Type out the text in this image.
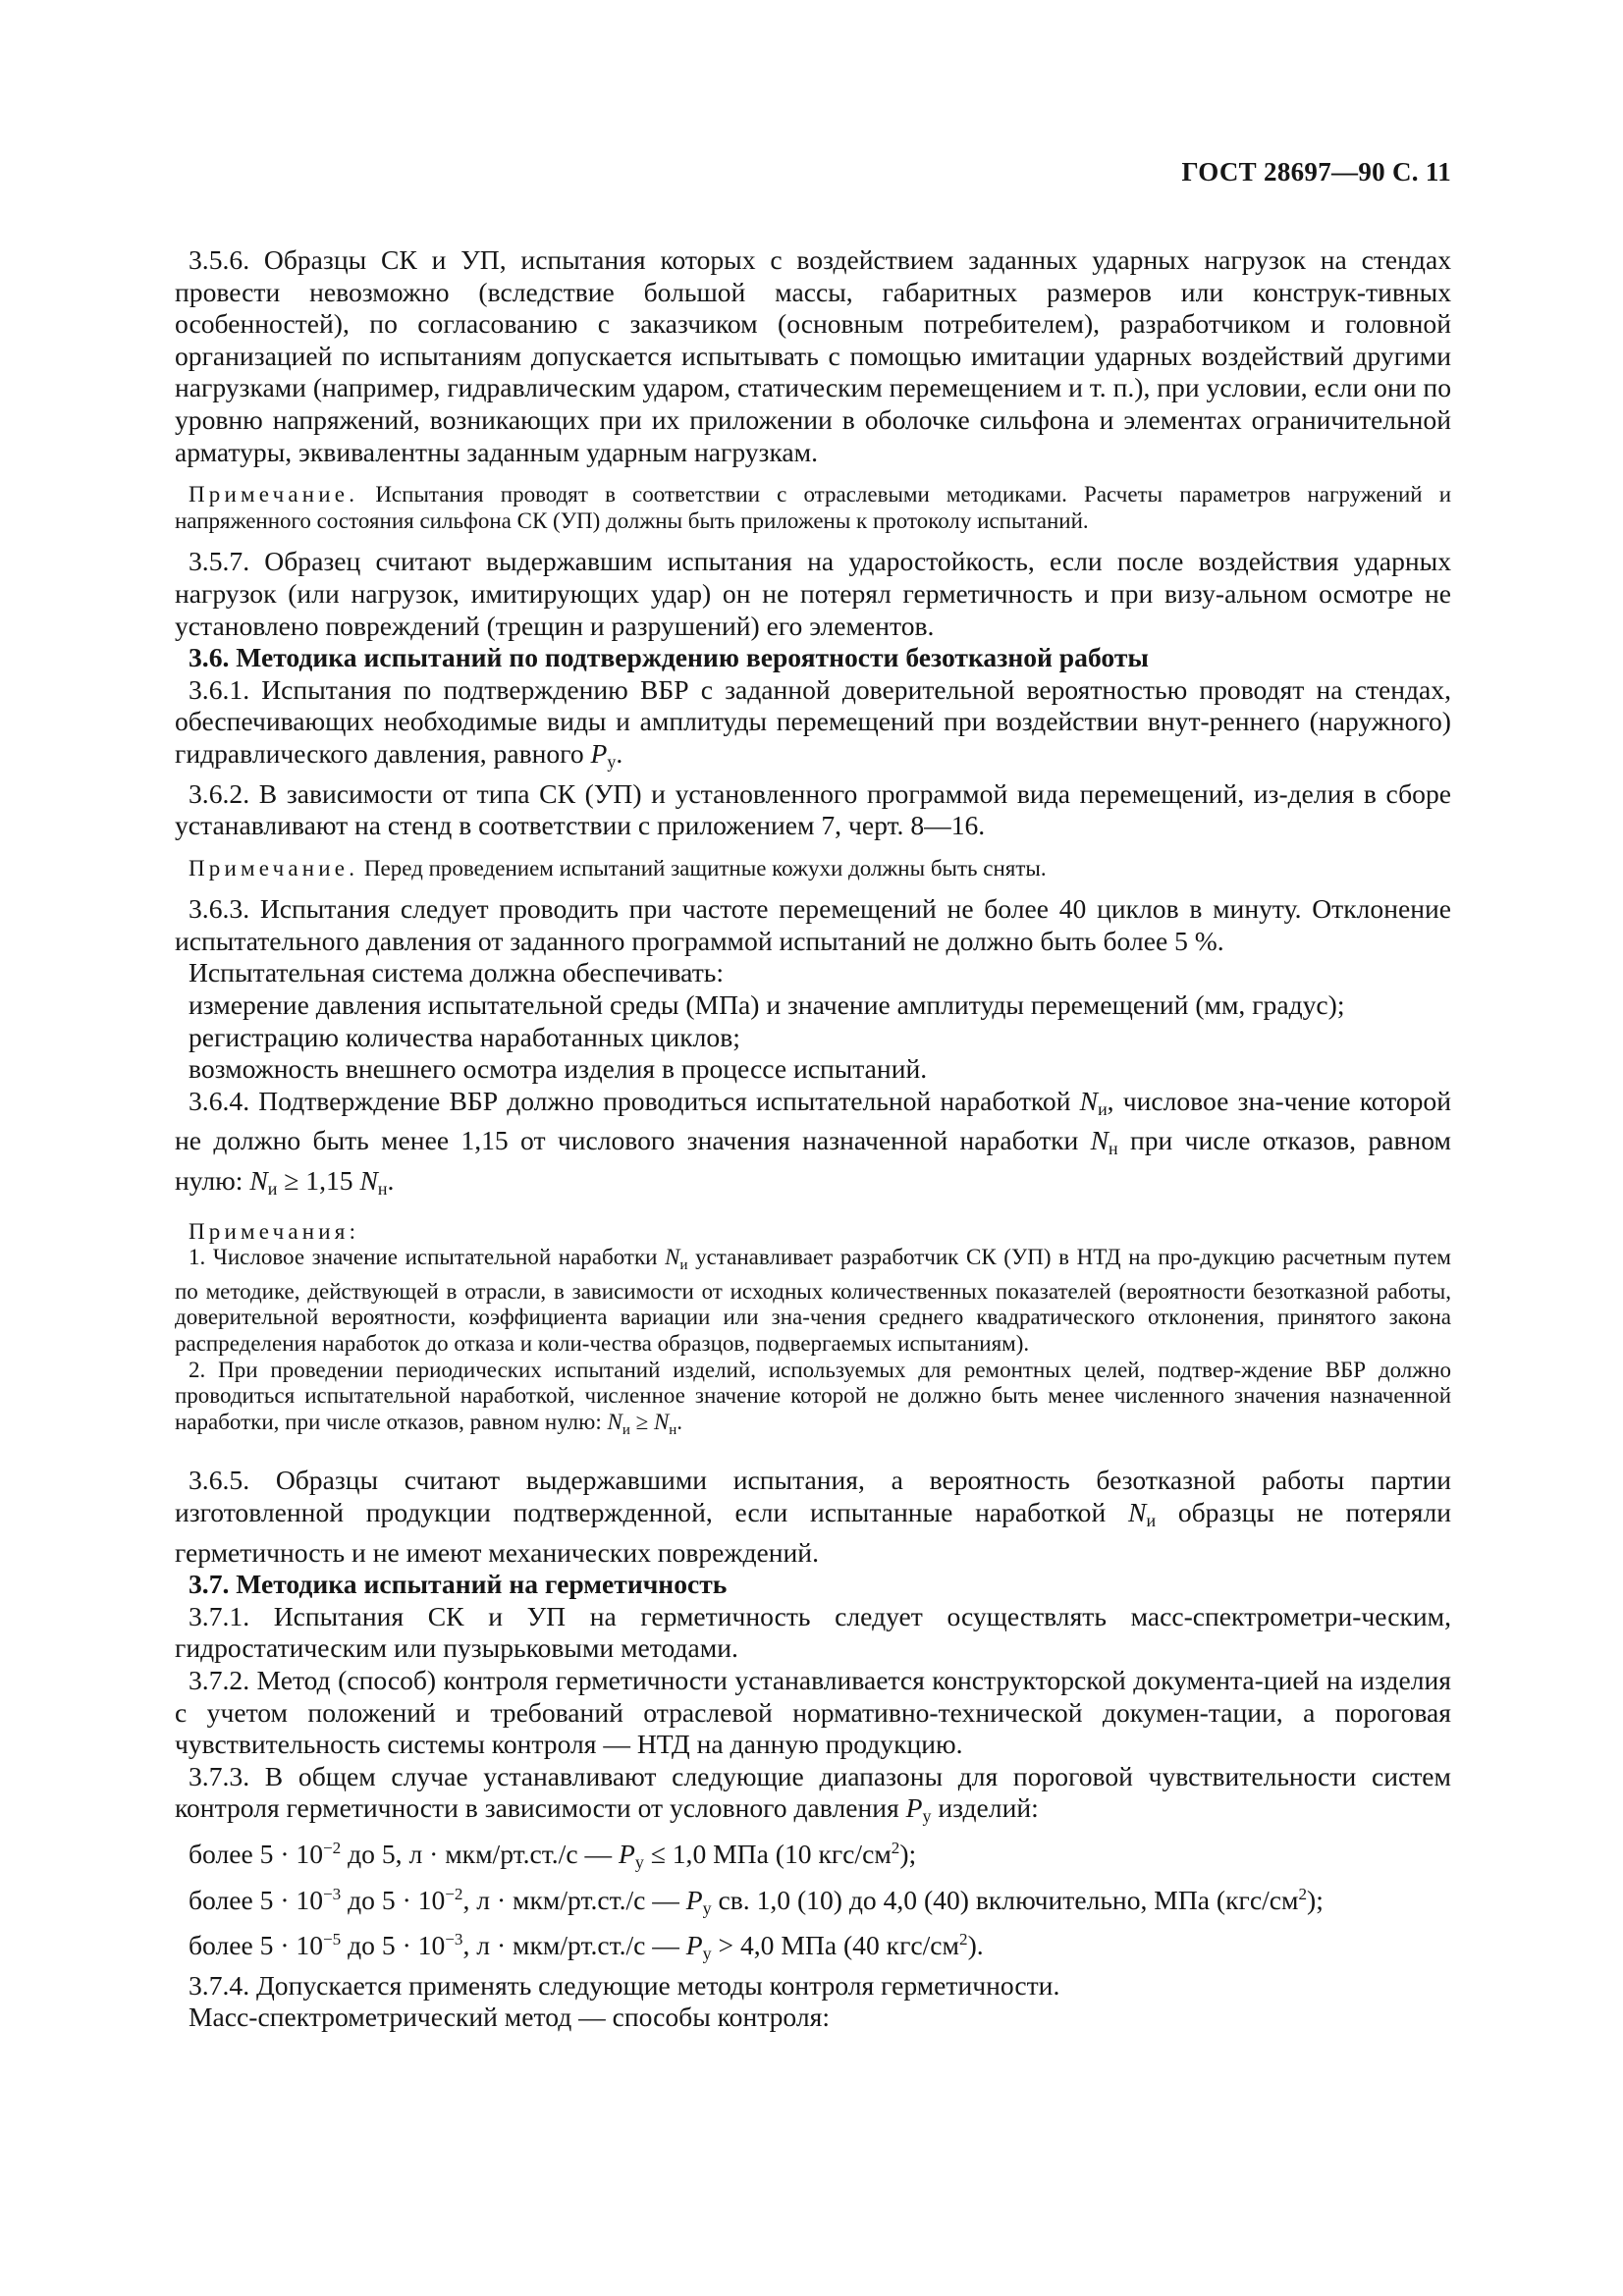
ГОСТ 28697—90 С. 11

3.5.6. Образцы СК и УП, испытания которых с воздействием заданных ударных нагрузок на стендах провести невозможно (вследствие большой массы, габаритных размеров или конструк-тивных особенностей), по согласованию с заказчиком (основным потребителем), разработчиком и головной организацией по испытаниям допускается испытывать с помощью имитации ударных воздействий другими нагрузками (например, гидравлическим ударом, статическим перемещением и т. п.), при условии, если они по уровню напряжений, возникающих при их приложении в оболочке сильфона и элементах ограничительной арматуры, эквивалентны заданным ударным нагрузкам.

Примечание. Испытания проводят в соответствии с отраслевыми методиками. Расчеты параметров нагружений и напряженного состояния сильфона СК (УП) должны быть приложены к протоколу испытаний.

3.5.7. Образец считают выдержавшим испытания на ударостойкость, если после воздействия ударных нагрузок (или нагрузок, имитирующих удар) он не потерял герметичность и при визу-альном осмотре не установлено повреждений (трещин и разрушений) его элементов.

3.6. Методика испытаний по подтверждению вероятности безотказной работы

3.6.1. Испытания по подтверждению ВБР с заданной доверительной вероятностью проводят на стендах, обеспечивающих необходимые виды и амплитуды перемещений при воздействии внут-реннего (наружного) гидравлического давления, равного $P_у$.

3.6.2. В зависимости от типа СК (УП) и установленного программой вида перемещений, из-делия в сборе устанавливают на стенд в соответствии с приложением 7, черт. 8—16.

Примечание. Перед проведением испытаний защитные кожухи должны быть сняты.

3.6.3. Испытания следует проводить при частоте перемещений не более 40 циклов в минуту. Отклонение испытательного давления от заданного программой испытаний не должно быть более 5 %.

Испытательная система должна обеспечивать:

измерение давления испытательной среды (МПа) и значение амплитуды перемещений (мм, градус);

регистрацию количества наработанных циклов;

возможность внешнего осмотра изделия в процессе испытаний.

3.6.4. Подтверждение ВБР должно проводиться испытательной наработкой $N_и$, числовое зна-чение которой не должно быть менее 1,15 от числового значения назначенной наработки $N_н$ при числе отказов, равном нулю: $N_и \ge 1,15$ $N_н$.

Примечания:

1. Числовое значение испытательной наработки $N_и$ устанавливает разработчик СК (УП) в НТД на про-дукцию расчетным путем по методике, действующей в отрасли, в зависимости от исходных количественных показателей (вероятности безотказной работы, доверительной вероятности, коэффициента вариации или зна-чения среднего квадратического отклонения, принятого закона распределения наработок до отказа и коли-чества образцов, подвергаемых испытаниям).

2. При проведении периодических испытаний изделий, используемых для ремонтных целей, подтвер-ждение ВБР должно проводиться испытательной наработкой, численное значение которой не должно быть менее численного значения назначенной наработки, при числе отказов, равном нулю: $N_и \ge N_н$.

3.6.5. Образцы считают выдержавшими испытания, а вероятность безотказной работы партии изготовленной продукции подтвержденной, если испытанные наработкой $N_и$ образцы не потеряли герметичность и не имеют механических повреждений.

3.7. Методика испытаний на герметичность

3.7.1. Испытания СК и УП на герметичность следует осуществлять масс-спектрометри-ческим, гидростатическим или пузырьковыми методами.

3.7.2. Метод (способ) контроля герметичности устанавливается конструкторской документа-цией на изделия с учетом положений и требований отраслевой нормативно-технической докумен-тации, а пороговая чувствительность системы контроля — НТД на данную продукцию.

3.7.3. В общем случае устанавливают следующие диапазоны для пороговой чувствительности систем контроля герметичности в зависимости от условного давления $P_у$ изделий:

более $5 \cdot 10^{-2}$ до 5, л · мкм/рт.ст./с — $P_у \le 1,0$ МПа (10 кгс/$см^2$);

более $5 \cdot 10^{-3}$ до $5 \cdot 10^{-2}$, л · мкм/рт.ст./с — $P_у$ св. 1,0 (10) до 4,0 (40) включительно, МПа $(кгс/см^2)$;

более $5 \cdot 10^{-5}$ до $5 \cdot 10^{-3}$, л · мкм/рт.ст./с — $P_у > 4,0$ МПа (40 кгс/$см^2$).

3.7.4. Допускается применять следующие методы контроля герметичности.

Масс-спектрометрический метод — способы контроля:
